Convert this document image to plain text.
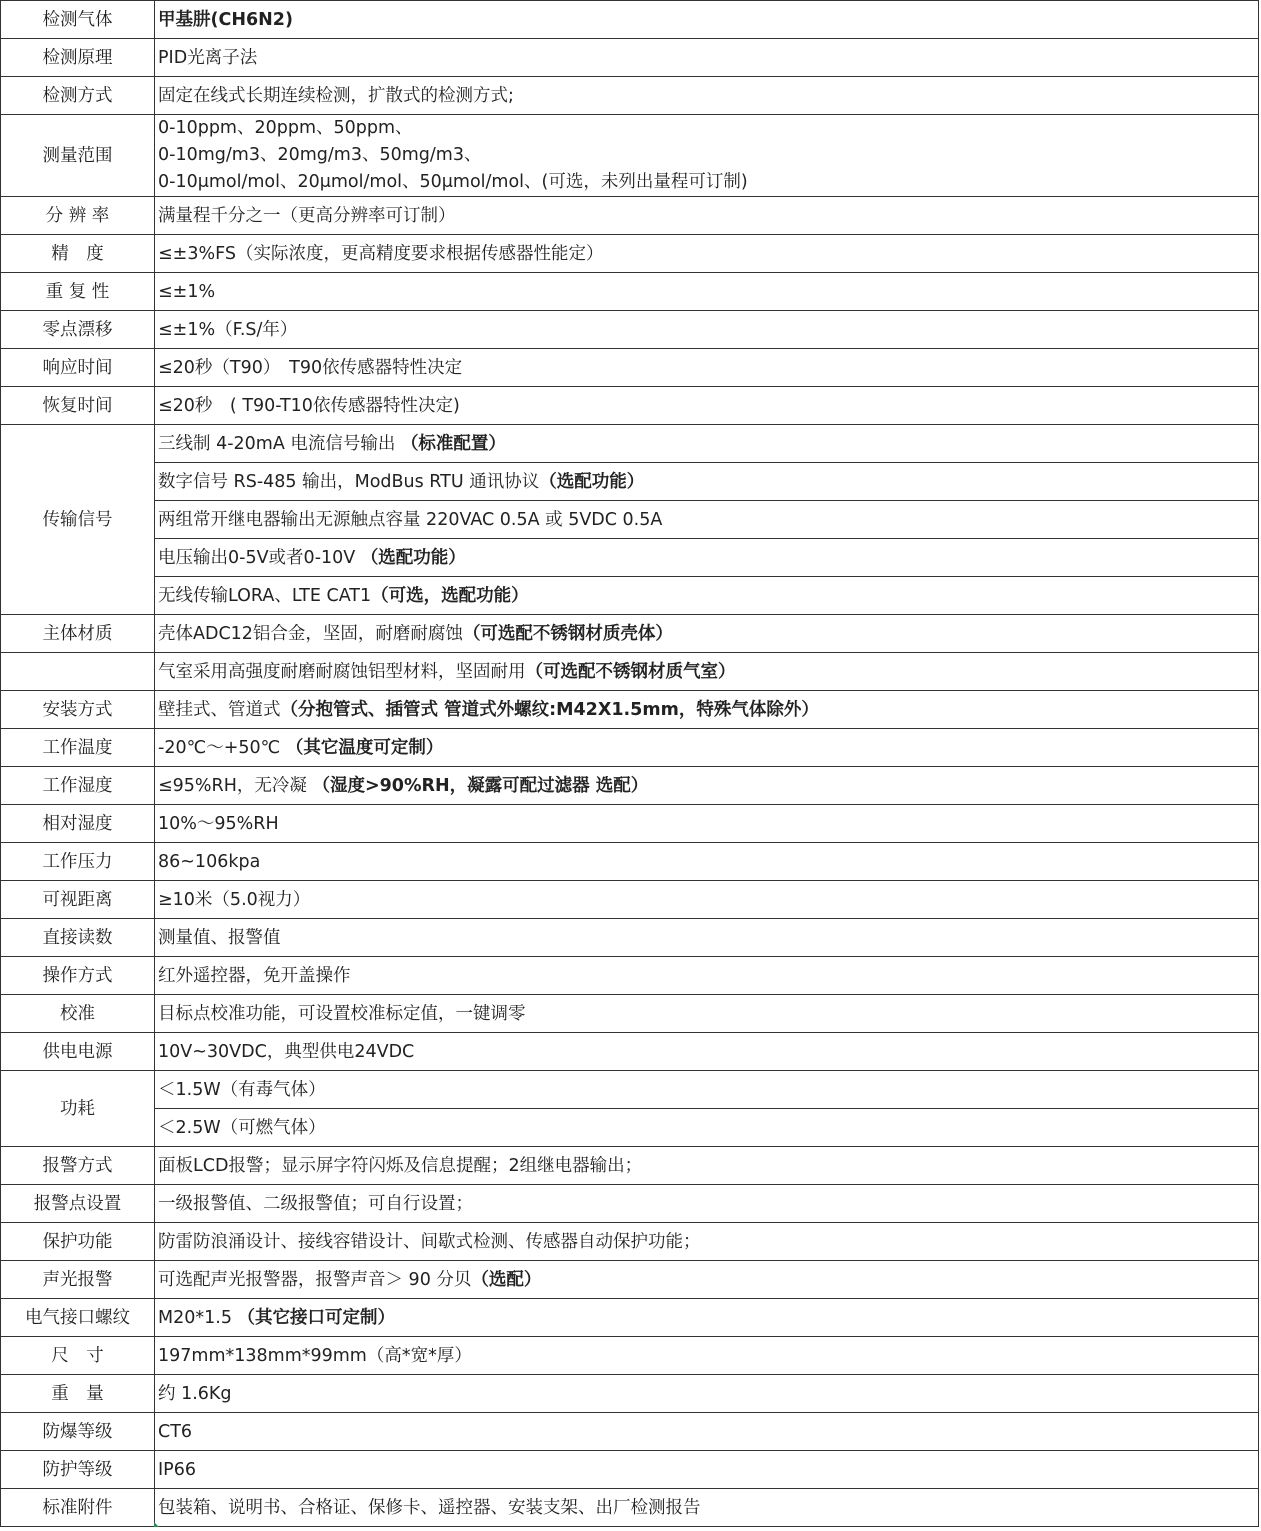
检测气体	甲基肼(CH6N2)
检测原理	PID光离子法
检测方式	固定在线式长期连续检测，扩散式的检测方式;
测量范围	0-10ppm、20ppm、50ppm、
0-10mg/m3、20mg/m3、50mg/m3、
0-10μmol/mol、20μmol/mol、50μmol/mol、(可选，未列出量程可订制)

分 辨 率	满量程千分之一（更高分辨率可订制）
精　度	≤±3%FS（实际浓度，更高精度要求根据传感器性能定）
重 复 性	≤±1%
零点漂移	≤±1%（F.S/年）
响应时间	≤20秒（T90）　T90依传感器特性决定
恢复时间	≤20秒　( T90-T10依传感器特性决定)
传输信号	三线制 4-20mA 电流信号输出 （标准配置）
	数字信号 RS-485 输出，ModBus RTU 通讯协议（选配功能）
	两组常开继电器输出无源触点容量 220VAC 0.5A 或 5VDC 0.5A
	电压输出0-5V或者0-10V （选配功能）
	无线传输LORA、LTE CAT1（可选，选配功能）
主体材质	壳体ADC12铝合金，坚固，耐磨耐腐蚀（可选配不锈钢材质壳体）
	气室采用高强度耐磨耐腐蚀铝型材料，坚固耐用（可选配不锈钢材质气室）
安装方式	壁挂式、管道式（分抱管式、插管式 管道式外螺纹:M42X1.5mm，特殊气体除外）
工作温度	-20℃～+50℃ （其它温度可定制）
工作湿度	≤95%RH，无冷凝 （湿度>90%RH，凝露可配过滤器 选配）
相对湿度	10%～95%RH
工作压力	86~106kpa
可视距离	≥10米（5.0视力）
直接读数	测量值、报警值
操作方式	红外遥控器，免开盖操作
校准	目标点校准功能，可设置校准标定值，一键调零
供电电源	10V~30VDC，典型供电24VDC
功耗	＜1.5W（有毒气体）
	＜2.5W（可燃气体）
报警方式	面板LCD报警；显示屏字符闪烁及信息提醒；2组继电器输出；
报警点设置	一级报警值、二级报警值；可自行设置；
保护功能	防雷防浪涌设计、接线容错设计、间歇式检测、传感器自动保护功能；
声光报警	可选配声光报警器，报警声音＞ 90 分贝（选配）
电气接口螺纹	M20*1.5 （其它接口可定制）
尺　寸	197mm*138mm*99mm（高*宽*厚）
重　量	约 1.6Kg
防爆等级	CT6
防护等级	IP66
标准附件	包装箱、说明书、合格证、保修卡、遥控器、安装支架、出厂检测报告
